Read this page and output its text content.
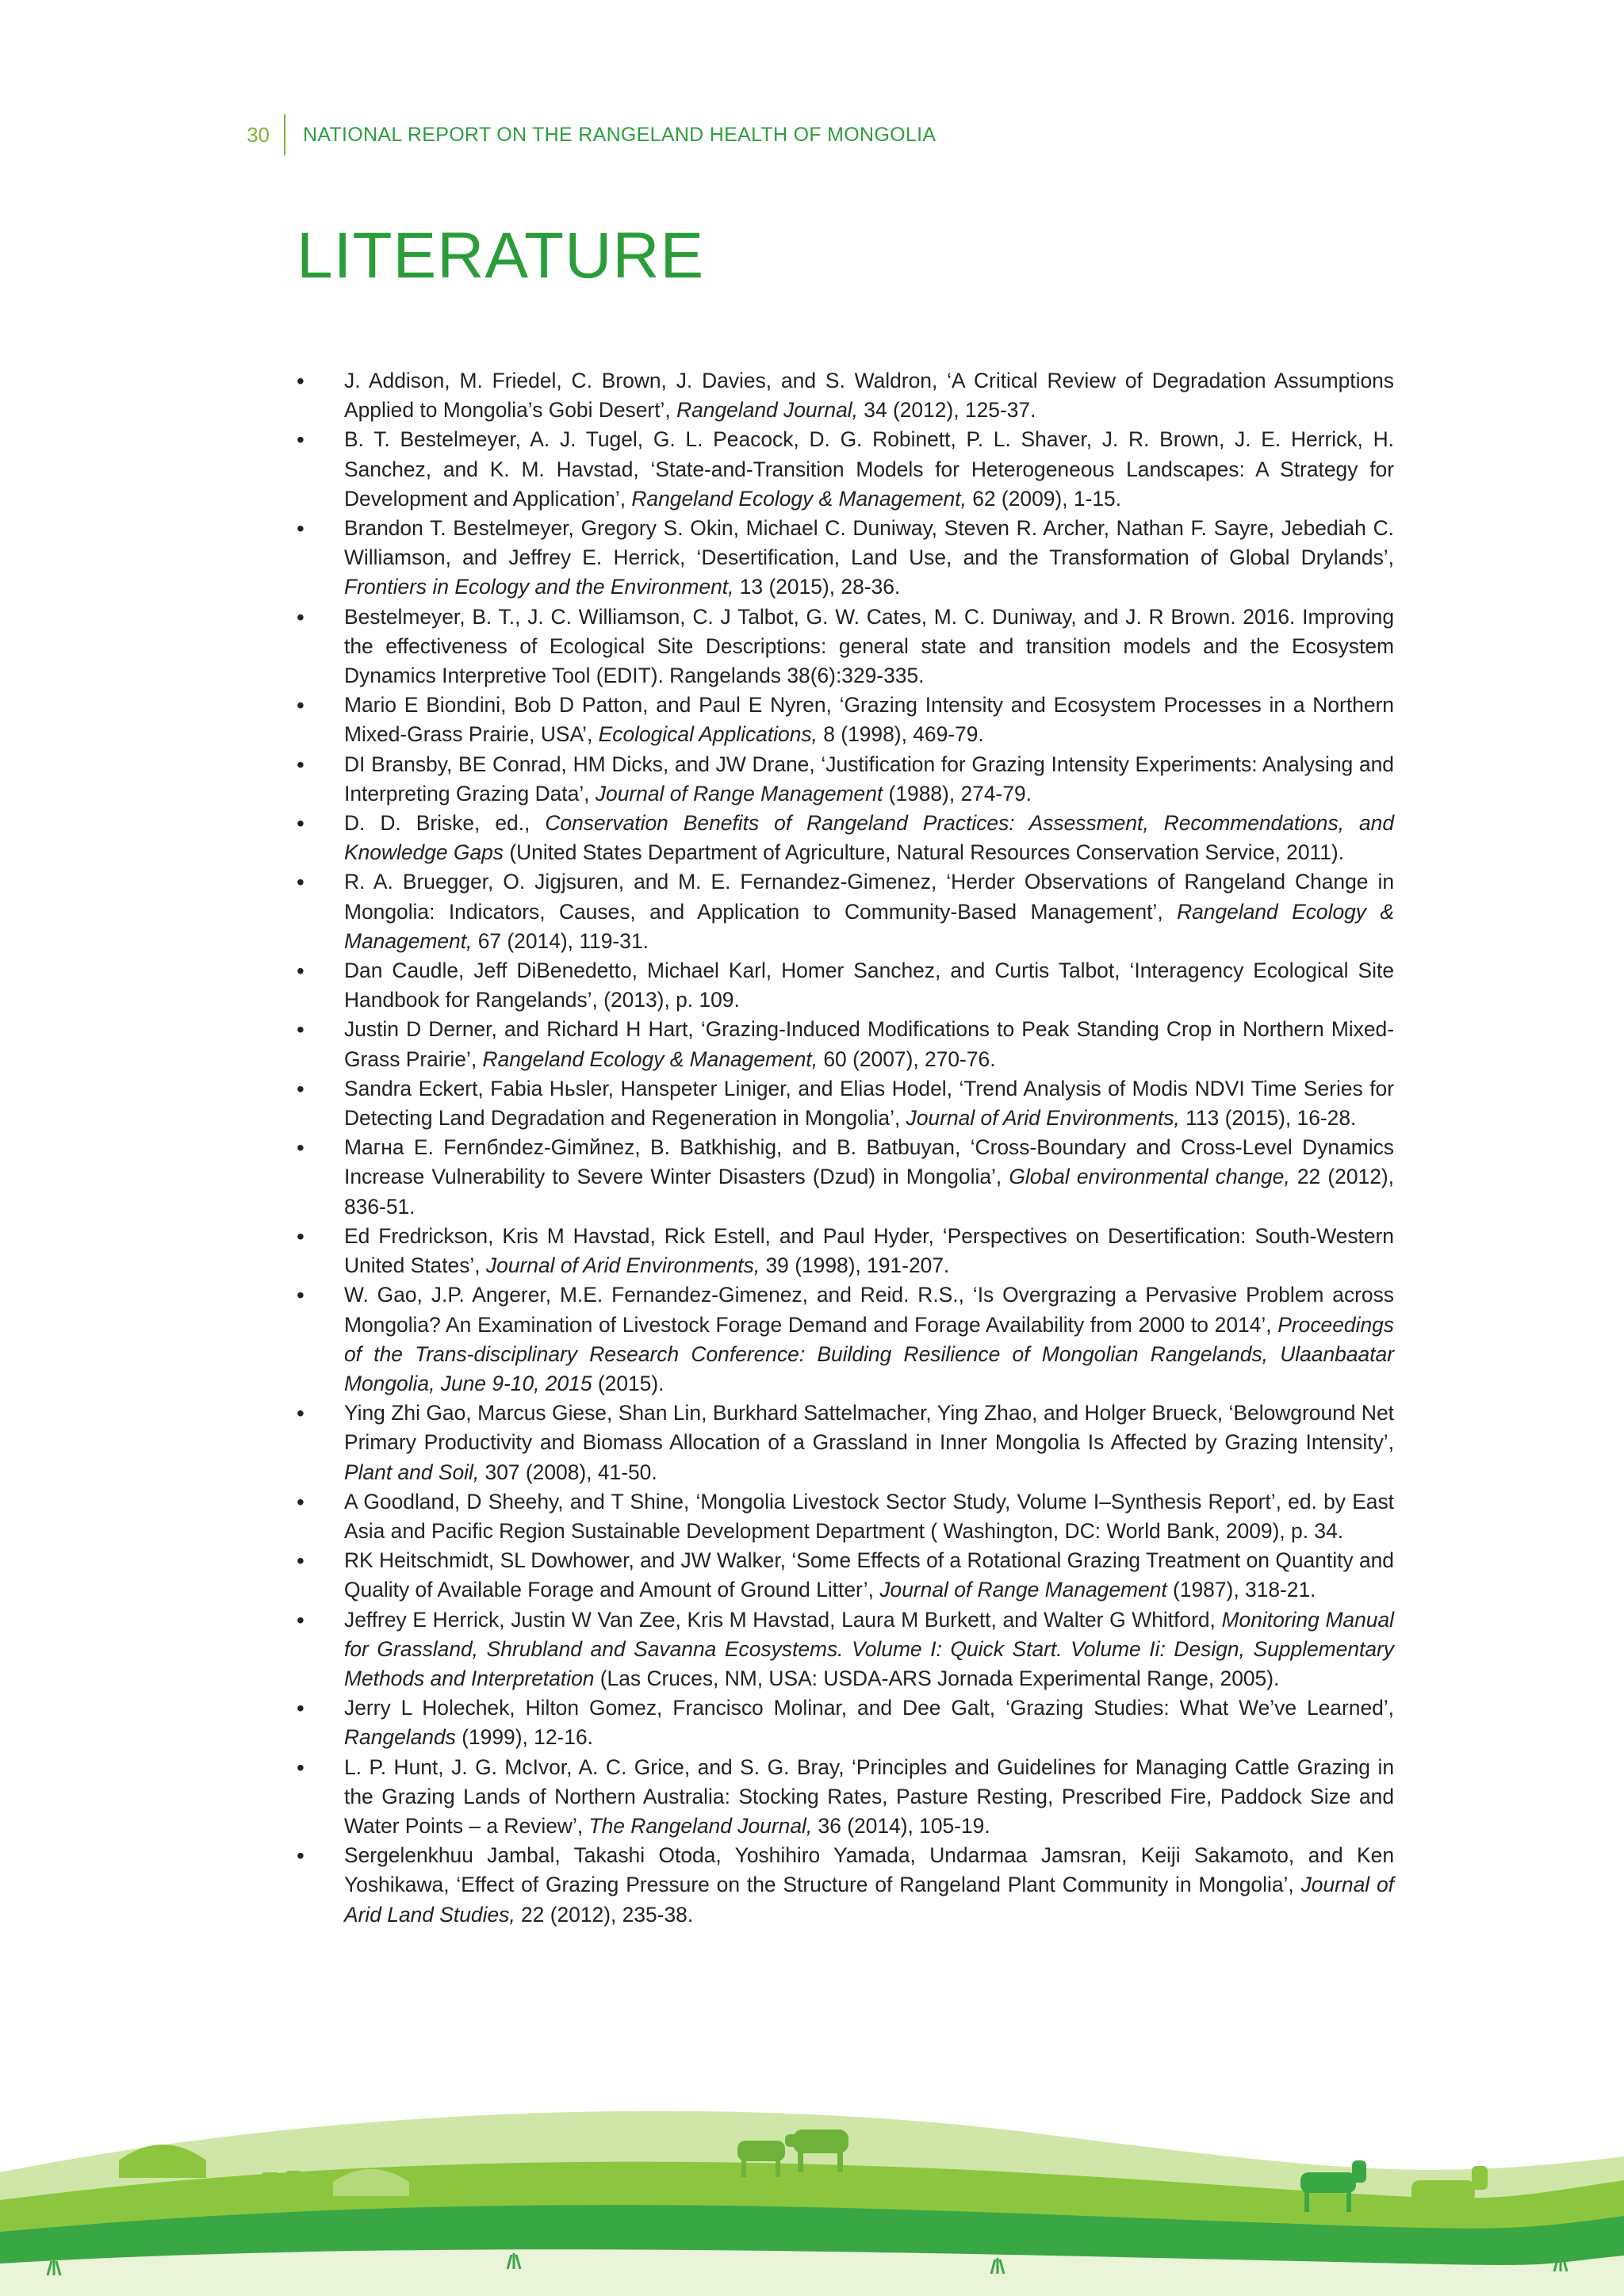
30 NATIONAL REPORT ON THE RANGELAND HEALTH OF MONGOLIA
LITERATURE
• J. Addison, M. Friedel, C. Brown, J. Davies, and S. Waldron, ‘A Critical Review of Degradation Assumptions Applied to Mongolia’s Gobi Desert’, Rangeland Journal, 34 (2012), 125-37.
• B. T. Bestelmeyer, A. J. Tugel, G. L. Peacock, D. G. Robinett, P. L. Shaver, J. R. Brown, J. E. Herrick, H. Sanchez, and K. M. Havstad, ‘State-and-Transition Models for Heterogeneous Landscapes: A Strategy for Development and Application’, Rangeland Ecology & Management, 62 (2009), 1-15.
• Brandon T. Bestelmeyer, Gregory S. Okin, Michael C. Duniway, Steven R. Archer, Nathan F. Sayre, Jebediah C. Williamson, and Jeffrey E. Herrick, ‘Desertification, Land Use, and the Transformation of Global Drylands’, Frontiers in Ecology and the Environment, 13 (2015), 28-36.
• Bestelmeyer, B. T., J. C. Williamson, C. J Talbot, G. W. Cates, M. C. Duniway, and J. R Brown. 2016. Improving the effectiveness of Ecological Site Descriptions: general state and transition models and the Ecosystem Dynamics Interpretive Tool (EDIT). Rangelands 38(6):329-335.
• Mario E Biondini, Bob D Patton, and Paul E Nyren, ‘Grazing Intensity and Ecosystem Processes in a Northern Mixed-Grass Prairie, USA’, Ecological Applications, 8 (1998), 469-79.
• DI Bransby, BE Conrad, HM Dicks, and JW Drane, ‘Justification for Grazing Intensity Experiments: Analysing and Interpreting Grazing Data’, Journal of Range Management (1988), 274-79.
• D. D. Briske, ed., Conservation Benefits of Rangeland Practices: Assessment, Recommendations, and Knowledge Gaps (United States Department of Agriculture, Natural Resources Conservation Service, 2011).
• R. A. Bruegger, O. Jigjsuren, and M. E. Fernandez-Gimenez, ‘Herder Observations of Rangeland Change in Mongolia: Indicators, Causes, and Application to Community-Based Management’, Rangeland Ecology & Management, 67 (2014), 119-31.
• Dan Caudle, Jeff DiBenedetto, Michael Karl, Homer Sanchez, and Curtis Talbot, ‘Interagency Ecological Site Handbook for Rangelands’, (2013), p. 109.
• Justin D Derner, and Richard H Hart, ‘Grazing-Induced Modifications to Peak Standing Crop in Northern Mixed-Grass Prairie’, Rangeland Ecology & Management, 60 (2007), 270-76.
• Sandra Eckert, Fabia Hьsler, Hanspeter Liniger, and Elias Hodel, ‘Trend Analysis of Modis NDVI Time Series for Detecting Land Degradation and Regeneration in Mongolia’, Journal of Arid Environments, 113 (2015), 16-28.
• Maгнa E. Fernбndez-Gimйnez, B. Batkhishig, and B. Batbuyan, ‘Cross-Boundary and Cross-Level Dynamics Increase Vulnerability to Severe Winter Disasters (Dzud) in Mongolia’, Global environmental change, 22 (2012), 836-51.
• Ed Fredrickson, Kris M Havstad, Rick Estell, and Paul Hyder, ‘Perspectives on Desertification: South-Western United States’, Journal of Arid Environments, 39 (1998), 191-207.
• W. Gao, J.P. Angerer, M.E. Fernandez-Gimenez, and Reid. R.S., ‘Is Overgrazing a Pervasive Problem across Mongolia? An Examination of Livestock Forage Demand and Forage Availability from 2000 to 2014’, Proceedings of the Trans-disciplinary Research Conference: Building Resilience of Mongolian Rangelands, Ulaanbaatar Mongolia, June 9-10, 2015 (2015).
• Ying Zhi Gao, Marcus Giese, Shan Lin, Burkhard Sattelmacher, Ying Zhao, and Holger Brueck, ‘Belowground Net Primary Productivity and Biomass Allocation of a Grassland in Inner Mongolia Is Affected by Grazing Intensity’, Plant and Soil, 307 (2008), 41-50.
• A Goodland, D Sheehy, and T Shine, ‘Mongolia Livestock Sector Study, Volume I–Synthesis Report’, ed. by East Asia and Pacific Region Sustainable Development Department ( Washington, DC: World Bank, 2009), p. 34.
• RK Heitschmidt, SL Dowhower, and JW Walker, ‘Some Effects of a Rotational Grazing Treatment on Quantity and Quality of Available Forage and Amount of Ground Litter’, Journal of Range Management (1987), 318-21.
• Jeffrey E Herrick, Justin W Van Zee, Kris M Havstad, Laura M Burkett, and Walter G Whitford, Monitoring Manual for Grassland, Shrubland and Savanna Ecosystems. Volume I: Quick Start. Volume Ii: Design, Supplementary Methods and Interpretation (Las Cruces, NM, USA: USDA-ARS Jornada Experimental Range, 2005).
• Jerry L Holechek, Hilton Gomez, Francisco Molinar, and Dee Galt, ‘Grazing Studies: What We’ve Learned’, Rangelands (1999), 12-16.
• L. P. Hunt, J. G. McIvor, A. C. Grice, and S. G. Bray, ‘Principles and Guidelines for Managing Cattle Grazing in the Grazing Lands of Northern Australia: Stocking Rates, Pasture Resting, Prescribed Fire, Paddock Size and Water Points – a Review’, The Rangeland Journal, 36 (2014), 105-19.
• Sergelenkhuu Jambal, Takashi Otoda, Yoshihiro Yamada, Undarmaa Jamsran, Keiji Sakamoto, and Ken Yoshikawa, ‘Effect of Grazing Pressure on the Structure of Rangeland Plant Community in Mongolia’, Journal of Arid Land Studies, 22 (2012), 235-38.
